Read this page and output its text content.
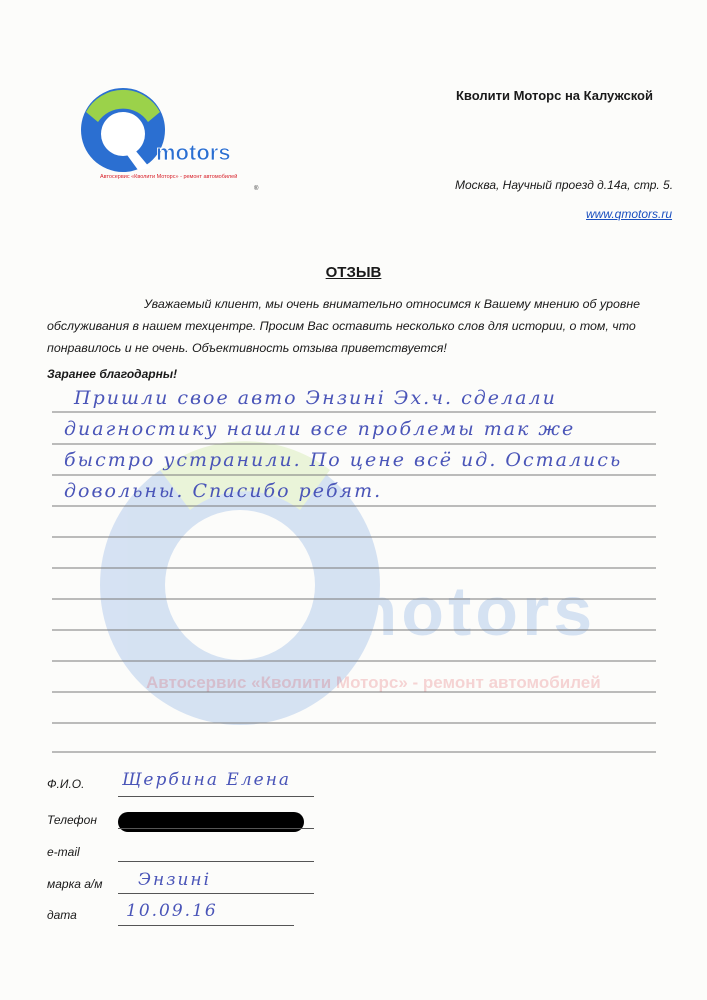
motors
Автосервис «Кволити Моторс» - ремонт автомобилей
motors
Автосервис «Кволити Моторс» - ремонт автомобилей
®
Кволити Моторс на Калужской
Москва, Научный проезд д.14а, стр. 5.
www.qmotors.ru
ОТЗЫВ
Уважаемый клиент, мы очень внимательно относимся к Вашему мнению об уровне обслуживания в нашем техцентре. Просим Вас оставить несколько слов для истории, о том, что понравилось и не очень. Объективность отзыва приветствуется!
Заранее благодарны!
Пришли свое авто Энзині Эх.ч. сделали
диагностику нашли все проблемы так же
быстро устранили. По цене всё ид. Остались
довольны. Спасибо ребят.
Ф.И.О. Щербина Елена
Телефон
e-mail
марка а/м Энзині
дата	10.09.16
